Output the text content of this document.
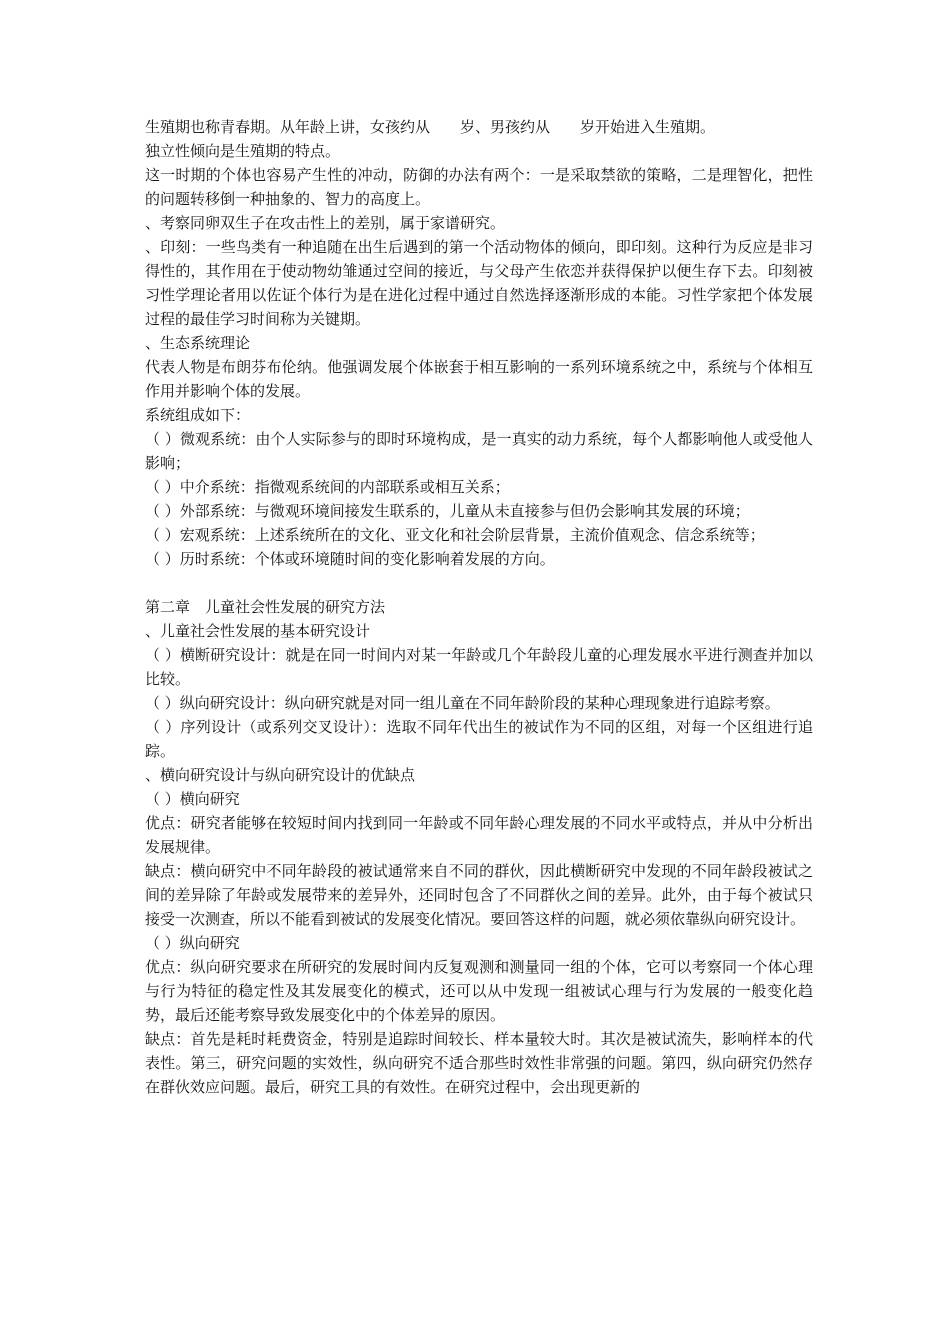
生殖期也称青春期。从年龄上讲，女孩约从　　岁、男孩约从　　岁开始进入生殖期。

独立性倾向是生殖期的特点。

这一时期的个体也容易产生性的冲动，防御的办法有两个：一是采取禁欲的策略，二是理智化，把性的问题转移倒一种抽象的、智力的高度上。

、考察同卵双生子在攻击性上的差别，属于家谱研究。

、印刻：一些鸟类有一种追随在出生后遇到的第一个活动物体的倾向，即印刻。这种行为反应是非习得性的，其作用在于使动物幼雏通过空间的接近，与父母产生依恋并获得保护以便生存下去。印刻被习性学理论者用以佐证个体行为是在进化过程中通过自然选择逐渐形成的本能。习性学家把个体发展过程的最佳学习时间称为关键期。

、生态系统理论

代表人物是布朗芬布伦纳。他强调发展个体嵌套于相互影响的一系列环境系统之中，系统与个体相互作用并影响个体的发展。

系统组成如下：

（ ）微观系统：由个人实际参与的即时环境构成，是一真实的动力系统，每个人都影响他人或受他人影响；

（ ）中介系统：指微观系统间的内部联系或相互关系；

（ ）外部系统：与微观环境间接发生联系的，儿童从未直接参与但仍会影响其发展的环境；

（ ）宏观系统：上述系统所在的文化、亚文化和社会阶层背景，主流价值观念、信念系统等；

（ ）历时系统：个体或环境随时间的变化影响着发展的方向。

第二章　儿童社会性发展的研究方法

、儿童社会性发展的基本研究设计

（ ）横断研究设计：就是在同一时间内对某一年龄或几个年龄段儿童的心理发展水平进行测查并加以比较。

（ ）纵向研究设计：纵向研究就是对同一组儿童在不同年龄阶段的某种心理现象进行追踪考察。

（ ）序列设计（或系列交叉设计）：选取不同年代出生的被试作为不同的区组，对每一个区组进行追踪。

、横向研究设计与纵向研究设计的优缺点

（ ）横向研究

优点：研究者能够在较短时间内找到同一年龄或不同年龄心理发展的不同水平或特点，并从中分析出发展规律。

缺点：横向研究中不同年龄段的被试通常来自不同的群伙，因此横断研究中发现的不同年龄段被试之间的差异除了年龄或发展带来的差异外，还同时包含了不同群伙之间的差异。此外，由于每个被试只接受一次测查，所以不能看到被试的发展变化情况。要回答这样的问题，就必须依靠纵向研究设计。

（ ）纵向研究

优点：纵向研究要求在所研究的发展时间内反复观测和测量同一组的个体，它可以考察同一个体心理与行为特征的稳定性及其发展变化的模式，还可以从中发现一组被试心理与行为发展的一般变化趋势，最后还能考察导致发展变化中的个体差异的原因。

缺点：首先是耗时耗费资金，特别是追踪时间较长、样本量较大时。其次是被试流失，影响样本的代表性。第三，研究问题的实效性，纵向研究不适合那些时效性非常强的问题。第四，纵向研究仍然存在群伙效应问题。最后，研究工具的有效性。在研究过程中，会出现更新的
